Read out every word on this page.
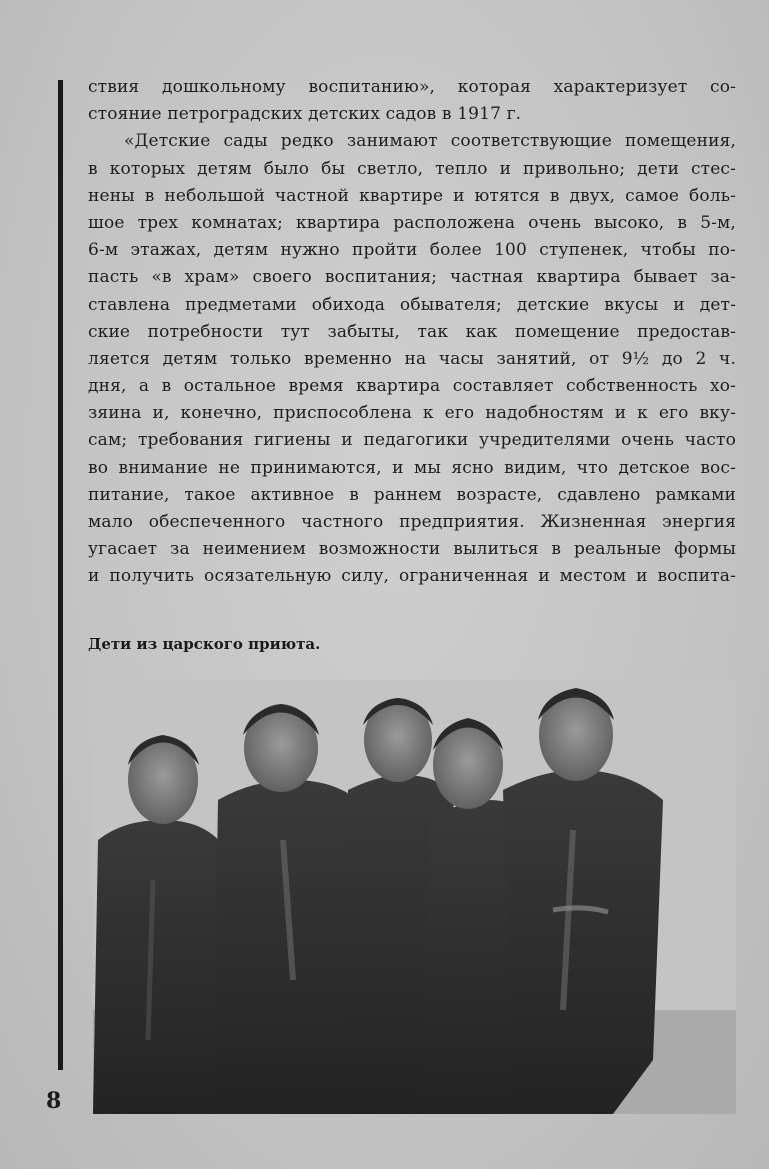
ствия дошкольному воспитанию», которая характеризует со-
стояние петроградских детских садов в 1917 г.
«Детские сады редко занимают соответствующие помещения,
в которых детям было бы светло, тепло и привольно; дети стес-
нены в небольшой частной квартире и ютятся в двух, самое боль-
шое трех комнатах; квартира расположена очень высоко, в 5-м,
6-м этажах, детям нужно пройти более 100 ступенек, чтобы по-
пасть «в храм» своего воспитания; частная квартира бывает за-
ставлена предметами обихода обывателя; детские вкусы и дет-
ские потребности тут забыты, так как помещение предостав-
ляется детям только временно на часы занятий, от 9½ до 2 ч.
дня, а в остальное время квартира составляет собственность хо-
зяина и, конечно, приспособлена к его надобностям и к его вку-
сам; требования гигиены и педагогики учредителями очень часто
во внимание не принимаются, и мы ясно видим, что детское вос-
питание, такое активное в раннем возрасте, сдавлено рамками
мало обеспеченного частного предприятия. Жизненная энергия
угасает за неимением возможности вылиться в реальные формы
и получить осязательную силу, ограниченная и местом и воспита-
Дети из царского приюта.
8
